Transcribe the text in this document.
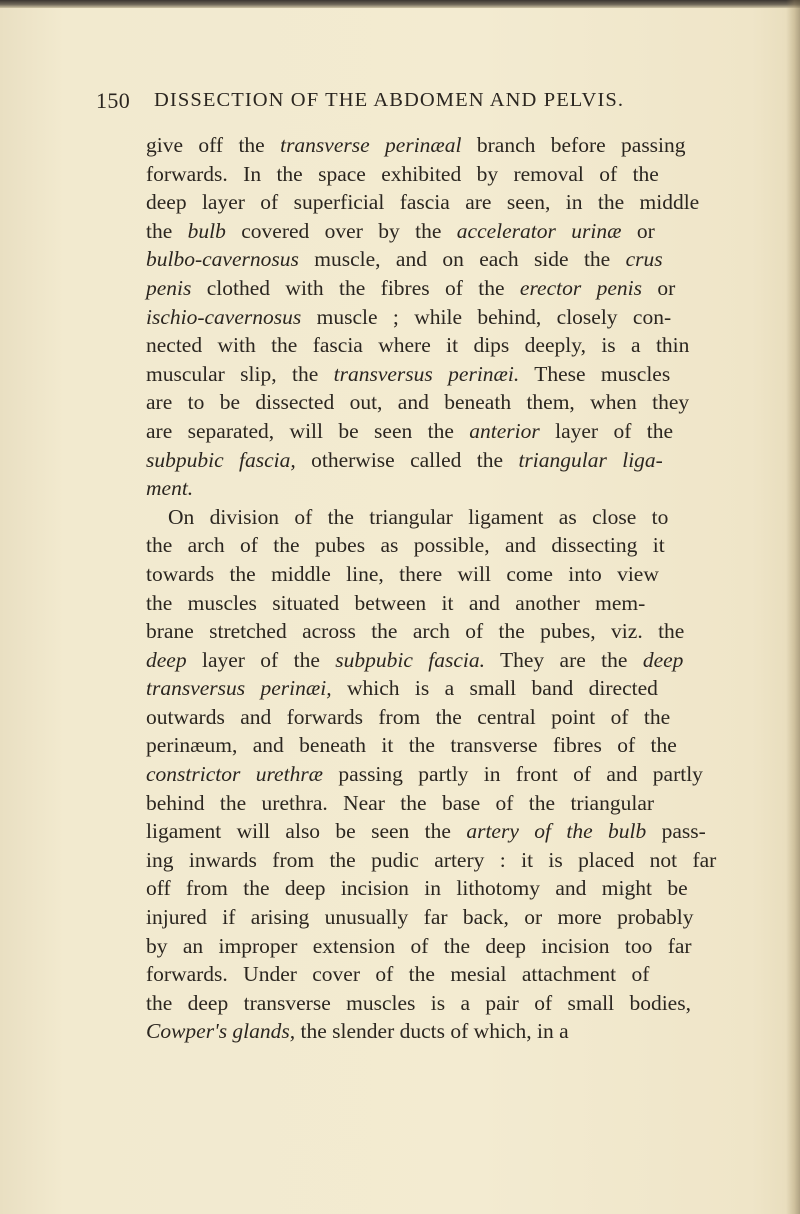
150 DISSECTION OF THE ABDOMEN AND PELVIS.
give off the transverse perinæal branch before passing
forwards. In the space exhibited by removal of the
deep layer of superficial fascia are seen, in the middle
the bulb covered over by the accelerator urinæ or
bulbo-cavernosus muscle, and on each side the crus
penis clothed with the fibres of the erector penis or
ischio-cavernosus muscle ; while behind, closely con-
nected with the fascia where it dips deeply, is a thin
muscular slip, the transversus perinæi. These muscles
are to be dissected out, and beneath them, when they
are separated, will be seen the anterior layer of the
subpubic fascia, otherwise called the triangular liga-
ment.
On division of the triangular ligament as close to
the arch of the pubes as possible, and dissecting it
towards the middle line, there will come into view
the muscles situated between it and another mem-
brane stretched across the arch of the pubes, viz. the
deep layer of the subpubic fascia. They are the deep
transversus perinæi, which is a small band directed
outwards and forwards from the central point of the
perinæum, and beneath it the transverse fibres of the
constrictor urethræ passing partly in front of and partly
behind the urethra. Near the base of the triangular
ligament will also be seen the artery of the bulb pass-
ing inwards from the pudic artery : it is placed not far
off from the deep incision in lithotomy and might be
injured if arising unusually far back, or more probably
by an improper extension of the deep incision too far
forwards. Under cover of the mesial attachment of
the deep transverse muscles is a pair of small bodies,
Cowper's glands, the slender ducts of which, in a
